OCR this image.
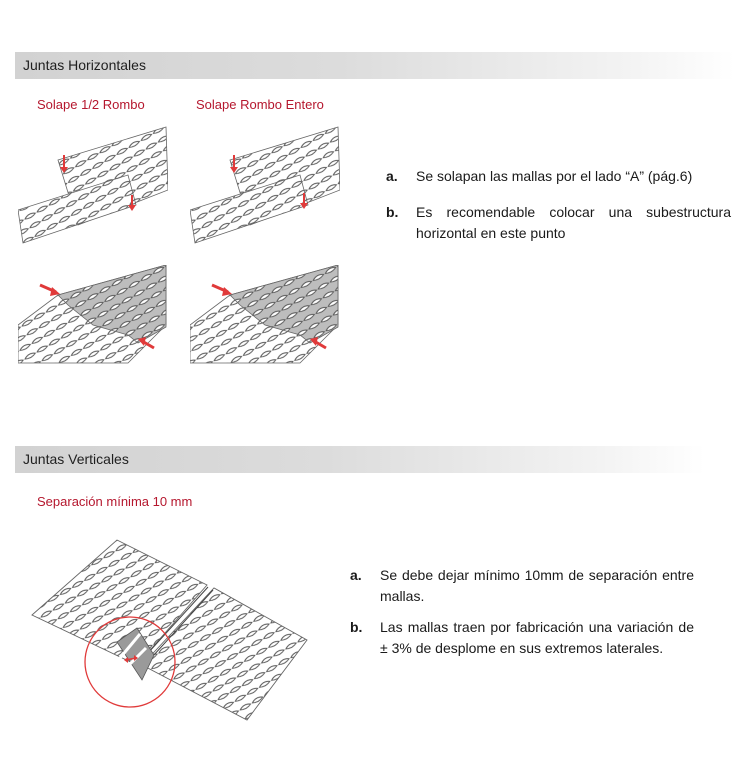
Juntas Horizontales
Solape 1/2 Rombo	Solape Rombo Entero
a. Se solapan las mallas por el lado “A” (pág.6)
b. Es recomendable colocar una subestructura horizontal en este punto
Juntas Verticales
Separación mínima 10 mm
a. Se debe dejar mínimo 10mm de separación entre mallas.
b. Las mallas traen por fabricación una variación de ± 3% de desplome en sus extremos laterales.
